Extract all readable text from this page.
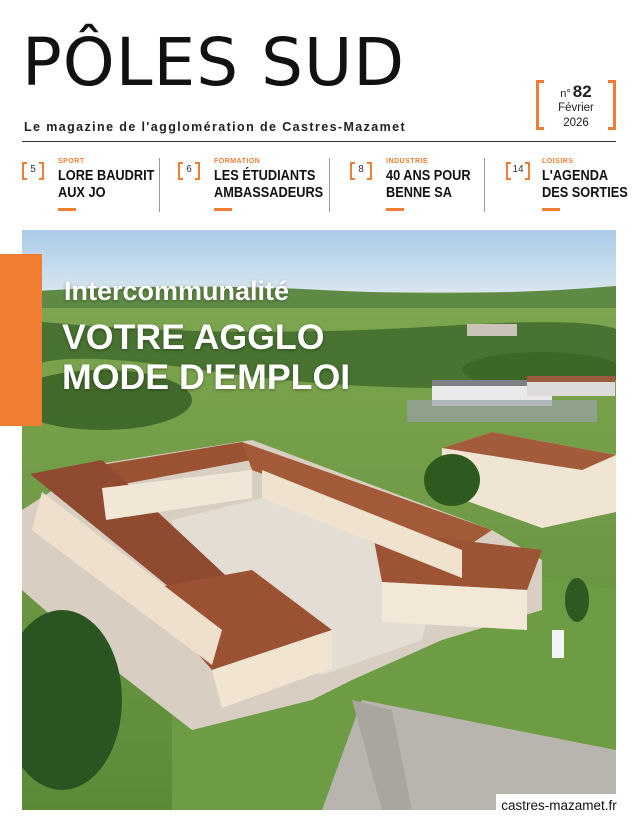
PÔLES SUD
Le magazine de l'agglomération de Castres-Mazamet
n° 82
Février
2026
5
SPORT
LORE BAUDRIT
AUX JO
6
FORMATION
LES ÉTUDIANTS
AMBASSADEURS
8
INDUSTRIE
40 ANS POUR
BENNE SA
14
LOISIRS
L'AGENDA
DES SORTIES
Intercommunalité
VOTRE AGGLO
MODE D'EMPLOI
castres-mazamet.fr
